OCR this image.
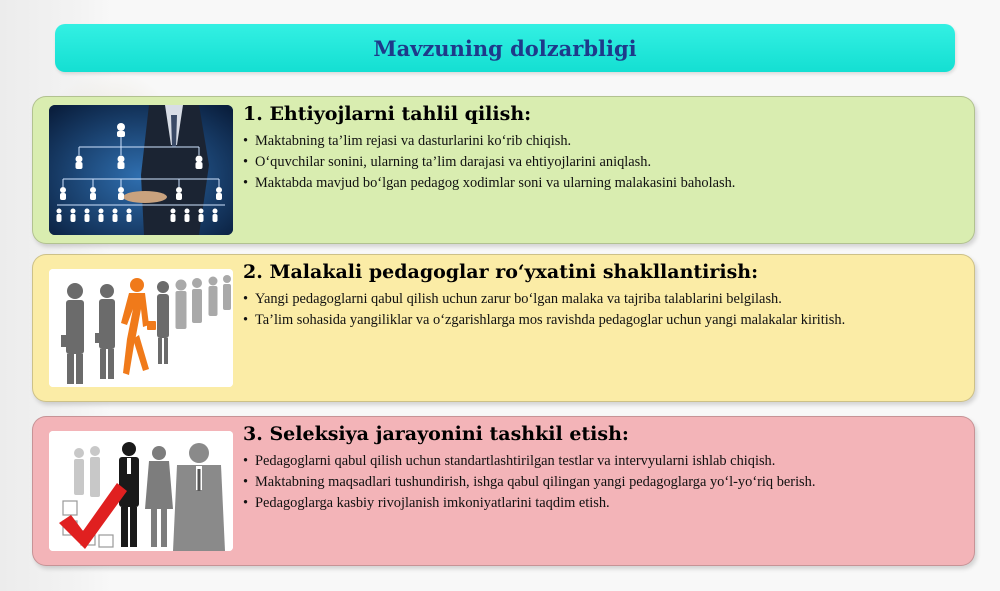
Mavzuning dolzarbligi
1. Ehtiyojlarni tahlil qilish:
• Maktabning ta’lim rejasi va dasturlarini ko‘rib chiqish.
• O‘quvchilar sonini, ularning ta’lim darajasi va ehtiyojlarini aniqlash.
• Maktabda mavjud bo‘lgan pedagog xodimlar soni va ularning malakasini baholash.
2. Malakali pedagoglar ro‘yxatini shakllantirish:
• Yangi pedagoglarni qabul qilish uchun zarur bo‘lgan malaka va tajriba talablarini belgilash.
• Ta’lim sohasida yangiliklar va o‘zgarishlarga mos ravishda pedagoglar uchun yangi malakalar kiritish.
3. Seleksiya jarayonini tashkil etish:
• Pedagoglarni qabul qilish uchun standartlashtirilgan testlar va intervyularni ishlab chiqish.
• Maktabning maqsadlari tushundirish, ishga qabul qilingan yangi pedagoglarga yo‘l-yo‘riq berish.
• Pedagoglarga kasbiy rivojlanish imkoniyatlarini taqdim etish.
